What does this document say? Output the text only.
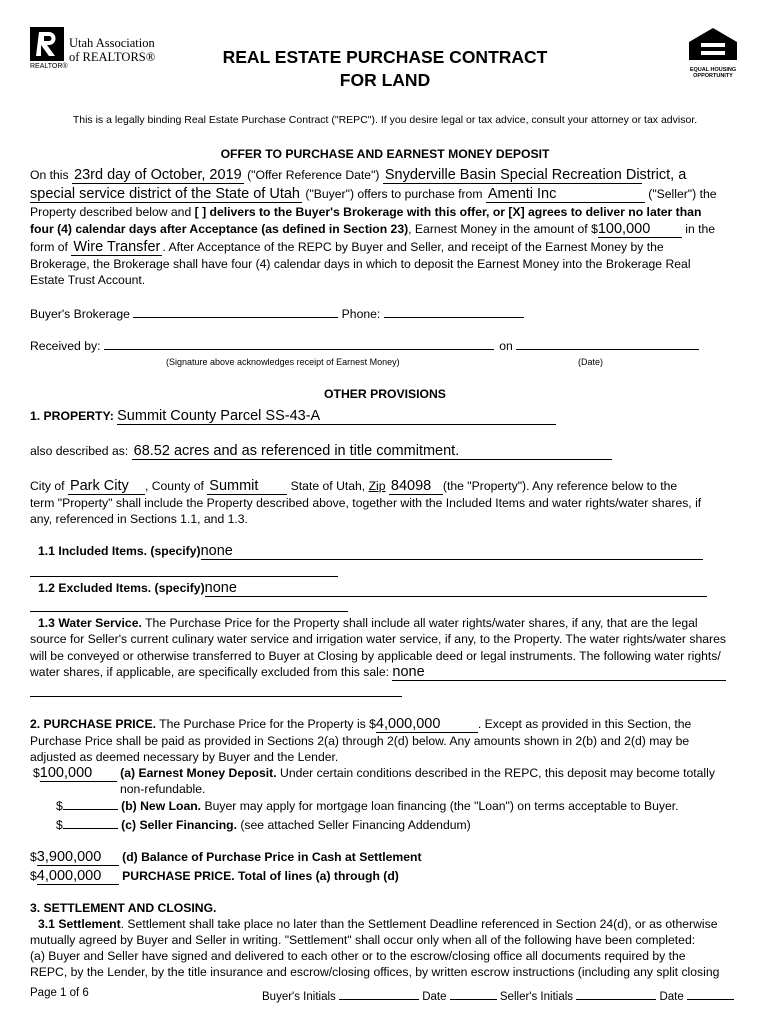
REALTOR®
Utah Association
of REALTORS®	REAL ESTATE PURCHASE CONTRACT
FOR LAND	EQUAL HOUSING
OPPORTUNITY
This is a legally binding Real Estate Purchase Contract ("REPC"). If you desire legal or tax advice, consult your attorney or tax advisor.
OFFER TO PURCHASE AND EARNEST MONEY DEPOSIT
On this 23rd day of October, 2019 ("Offer Reference Date") Snyderville Basin Special Recreation District, a
special service district of the State of Utah ("Buyer") offers to purchase from Amenti Inc	("Seller") the
Property described below and [ ] delivers to the Buyer's Brokerage with this offer, or [X] agrees to deliver no later than
four (4) calendar days after Acceptance (as defined in Section 23), Earnest Money in the amount of $100,000	in the
form of Wire Transfer . After Acceptance of the REPC by Buyer and Seller, and receipt of the Earnest Money by the
Brokerage, the Brokerage shall have four (4) calendar days in which to deposit the Earnest Money into the Brokerage Real
Estate Trust Account.
Buyer's Brokerage	Phone:
Received by:	on
(Signature above acknowledges receipt of Earnest Money)	(Date)
OTHER PROVISIONS
1. PROPERTY: Summit County Parcel SS-43-A
also described as: 68.52 acres and as referenced in title commitment.
City of Park City , County of Summit	State of Utah, Zip 84098 (the "Property"). Any reference below to the
term "Property" shall include the Property described above, together with the Included Items and water rights/water shares, if
any, referenced in Sections 1.1, and 1.3.
1.1 Included Items. (specify)none
1.2 Excluded Items. (specify)none
1.3 Water Service. The Purchase Price for the Property shall include all water rights/water shares, if any, that are the legal
source for Seller's current culinary water service and irrigation water service, if any, to the Property. The water rights/water shares
will be conveyed or otherwise transferred to Buyer at Closing by applicable deed or legal instruments. The following water rights/
water shares, if applicable, are specifically excluded from this sale: none
2. PURCHASE PRICE. The Purchase Price for the Property is $4,000,000	. Except as provided in this Section, the
Purchase Price shall be paid as provided in Sections 2(a) through 2(d) below. Any amounts shown in 2(b) and 2(d) may be
adjusted as deemed necessary by Buyer and the Lender.
$100,000 (a) Earnest Money Deposit. Under certain conditions described in the REPC, this deposit may become totally
non-refundable.
$	(b) New Loan. Buyer may apply for mortgage loan financing (the "Loan") on terms acceptable to Buyer.
$	(c) Seller Financing. (see attached Seller Financing Addendum)
$3,900,000 (d) Balance of Purchase Price in Cash at Settlement
$4,000,000 PURCHASE PRICE. Total of lines (a) through (d)
3. SETTLEMENT AND CLOSING.
3.1 Settlement. Settlement shall take place no later than the Settlement Deadline referenced in Section 24(d), or as otherwise
mutually agreed by Buyer and Seller in writing. "Settlement" shall occur only when all of the following have been completed:
(a) Buyer and Seller have signed and delivered to each other or to the escrow/closing office all documents required by the
REPC, by the Lender, by the title insurance and escrow/closing offices, by written escrow instructions (including any split closing
Page 1 of 6	Buyer's Initials	Date	Seller's Initials	Date
